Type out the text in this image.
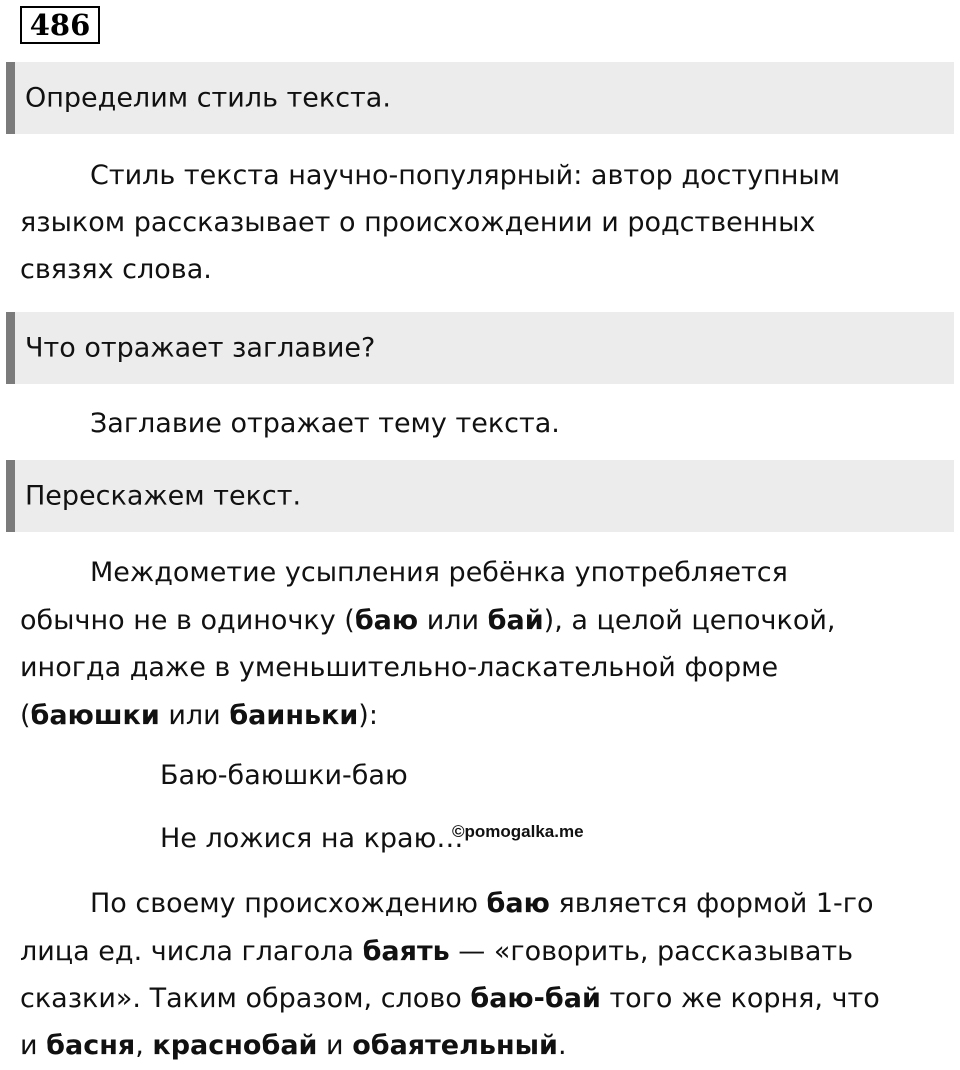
486
Определим стиль текста.
Стиль текста научно-популярный: автор доступным
языком рассказывает о происхождении и родственных
связях слова.
Что отражает заглавие?
Заглавие отражает тему текста.
Перескажем текст.
Междометие усыпления ребёнка употребляется
обычно не в одиночку (баю или бай), а целой цепочкой,
иногда даже в уменьшительно-ласкательной форме
(баюшки или баиньки):
Баю-баюшки-баю
Не ложися на краю…
©pomogalka.me
По своему происхождению баю является формой 1-го
лица ед. числа глагола баять — «говорить, рассказывать
сказки». Таким образом, слово баю-бай того же корня, что
и басня, краснобай и обаятельный.
